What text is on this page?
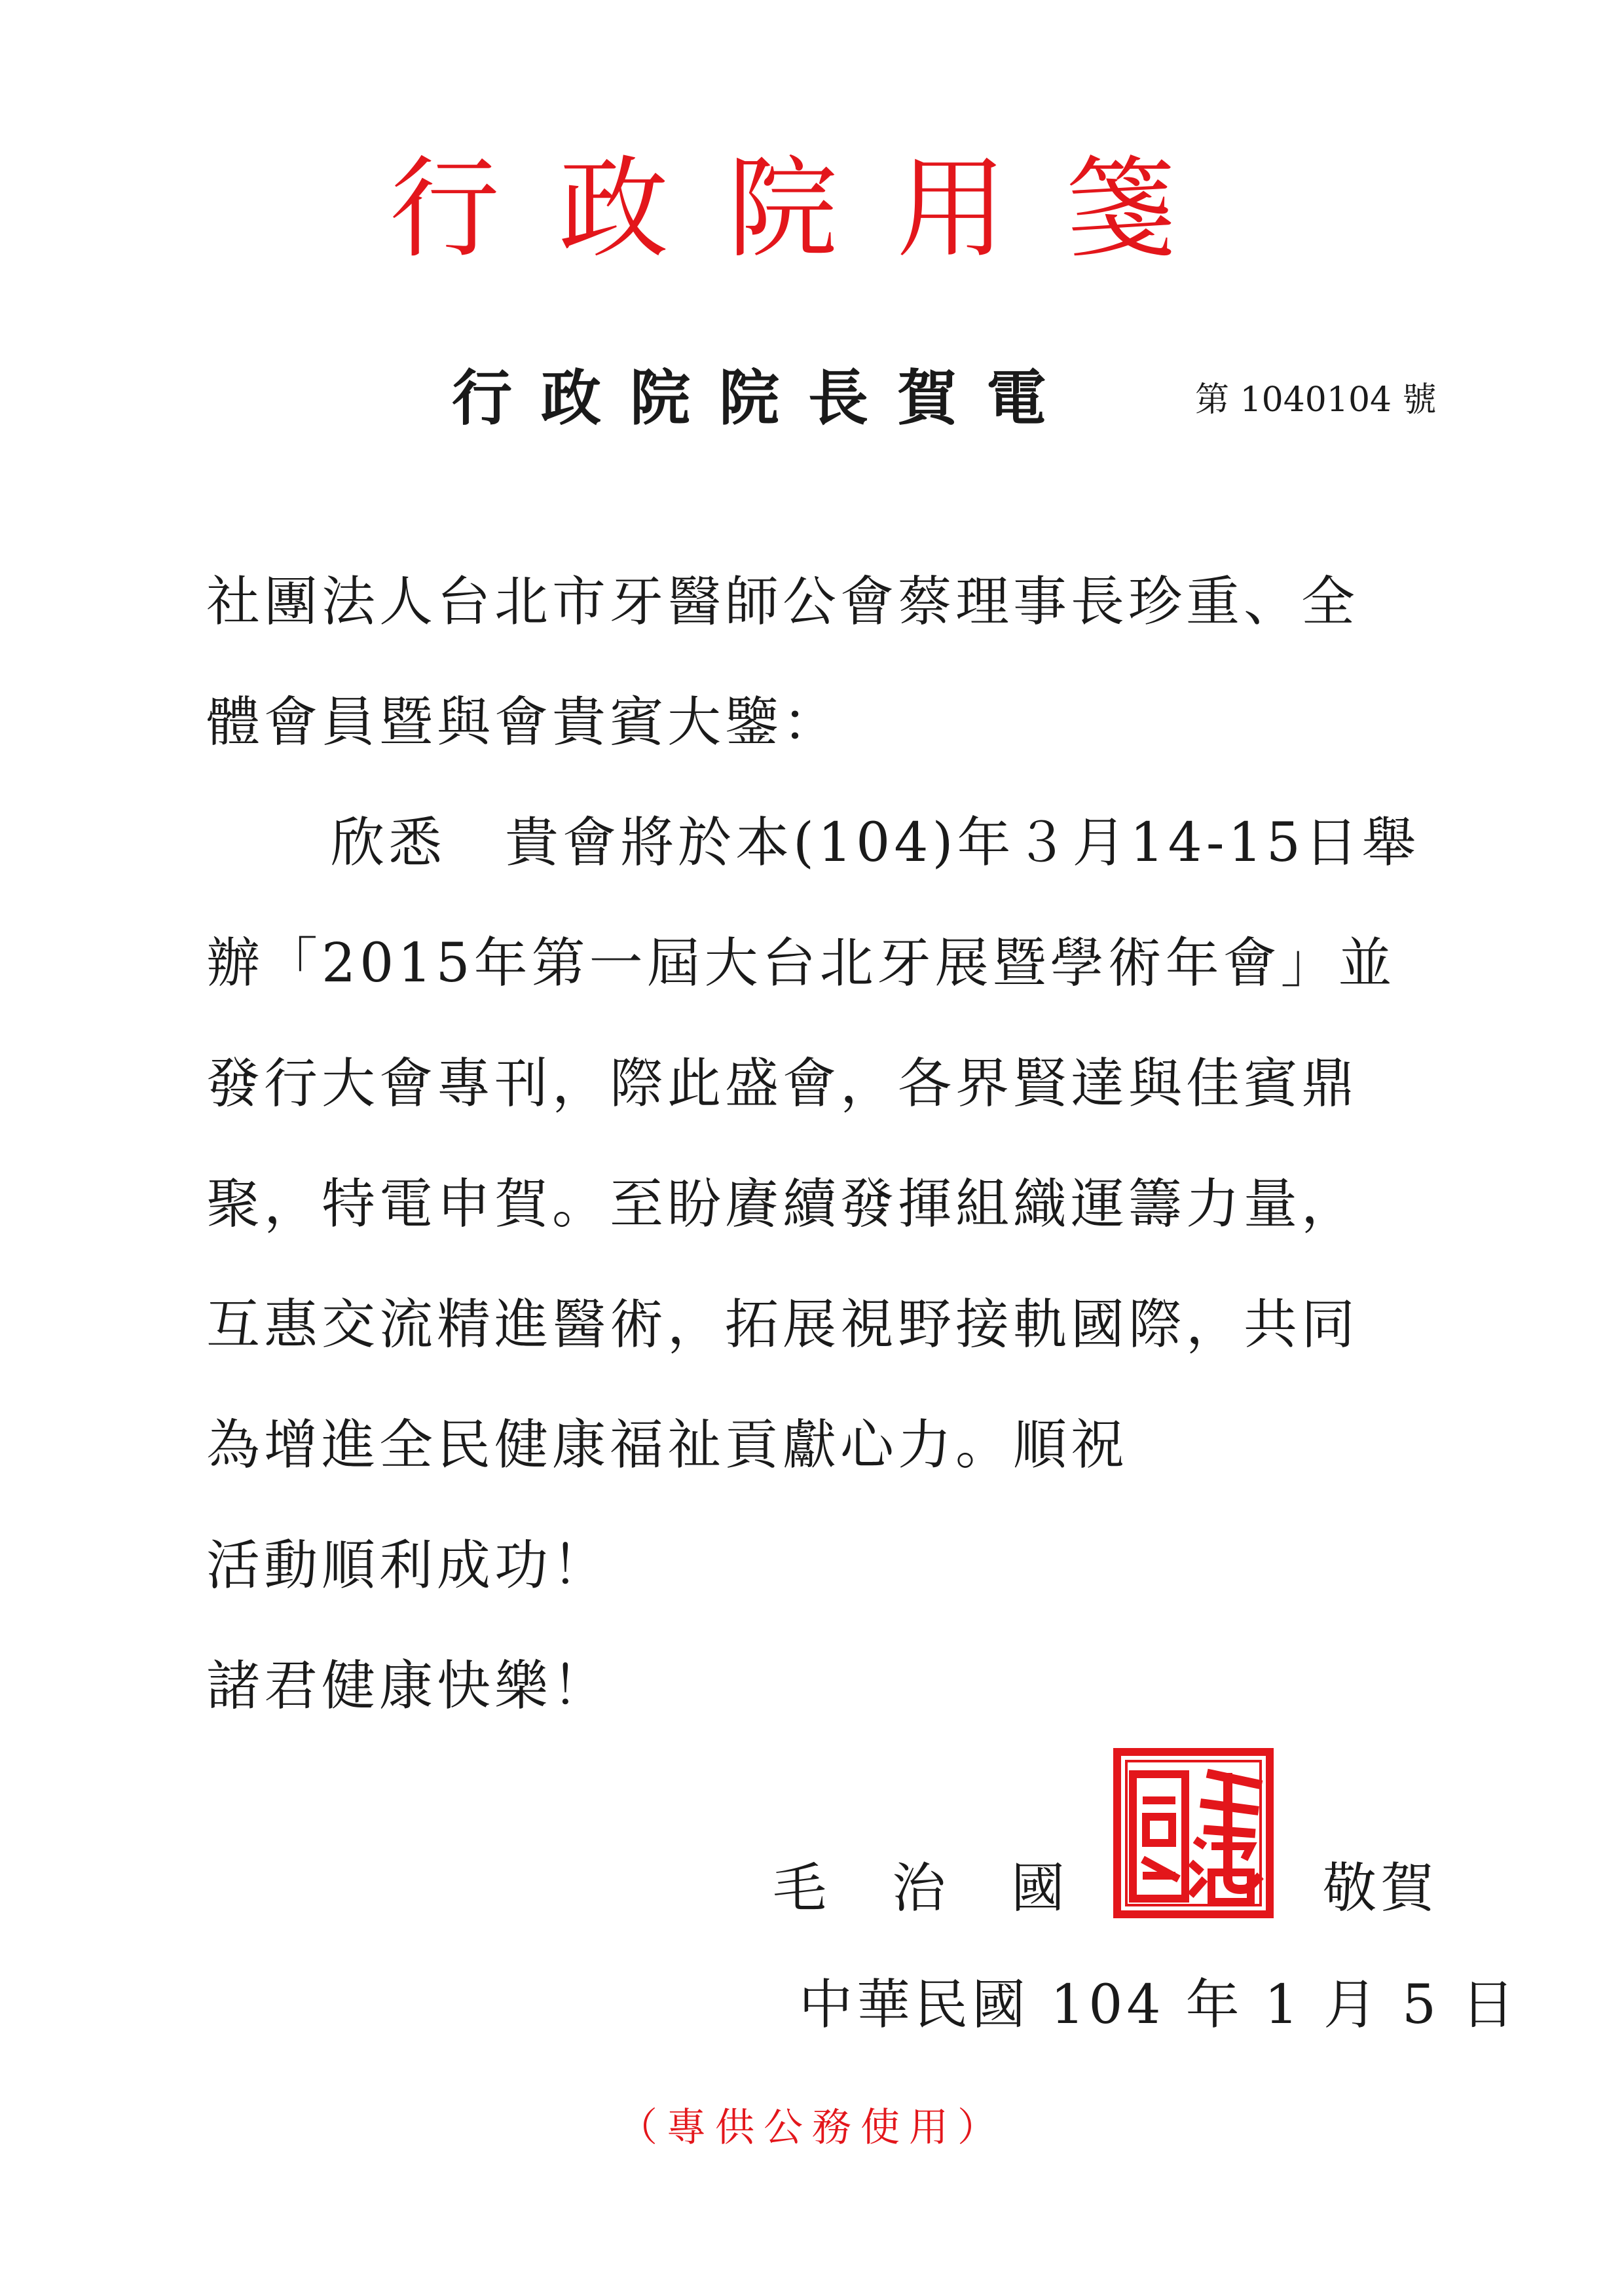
行政院用箋
行政院院長賀電	第 1040104 號
社團法人台北市牙醫師公會蔡理事長珍重、全
體會員暨與會貴賓大鑒：
欣悉 貴會將於本(104)年３月14-15日舉
辦「2015年第一屆大台北牙展暨學術年會」並
發行大會專刊，際此盛會，各界賢達與佳賓鼎
聚，特電申賀。至盼賡續發揮組織運籌力量，
互惠交流精進醫術，拓展視野接軌國際，共同
為增進全民健康福祉貢獻心力。順祝
活動順利成功！
諸君健康快樂！
毛治國	敬賀
中華民國 104 年 1 月 5 日
（專供公務使用）
